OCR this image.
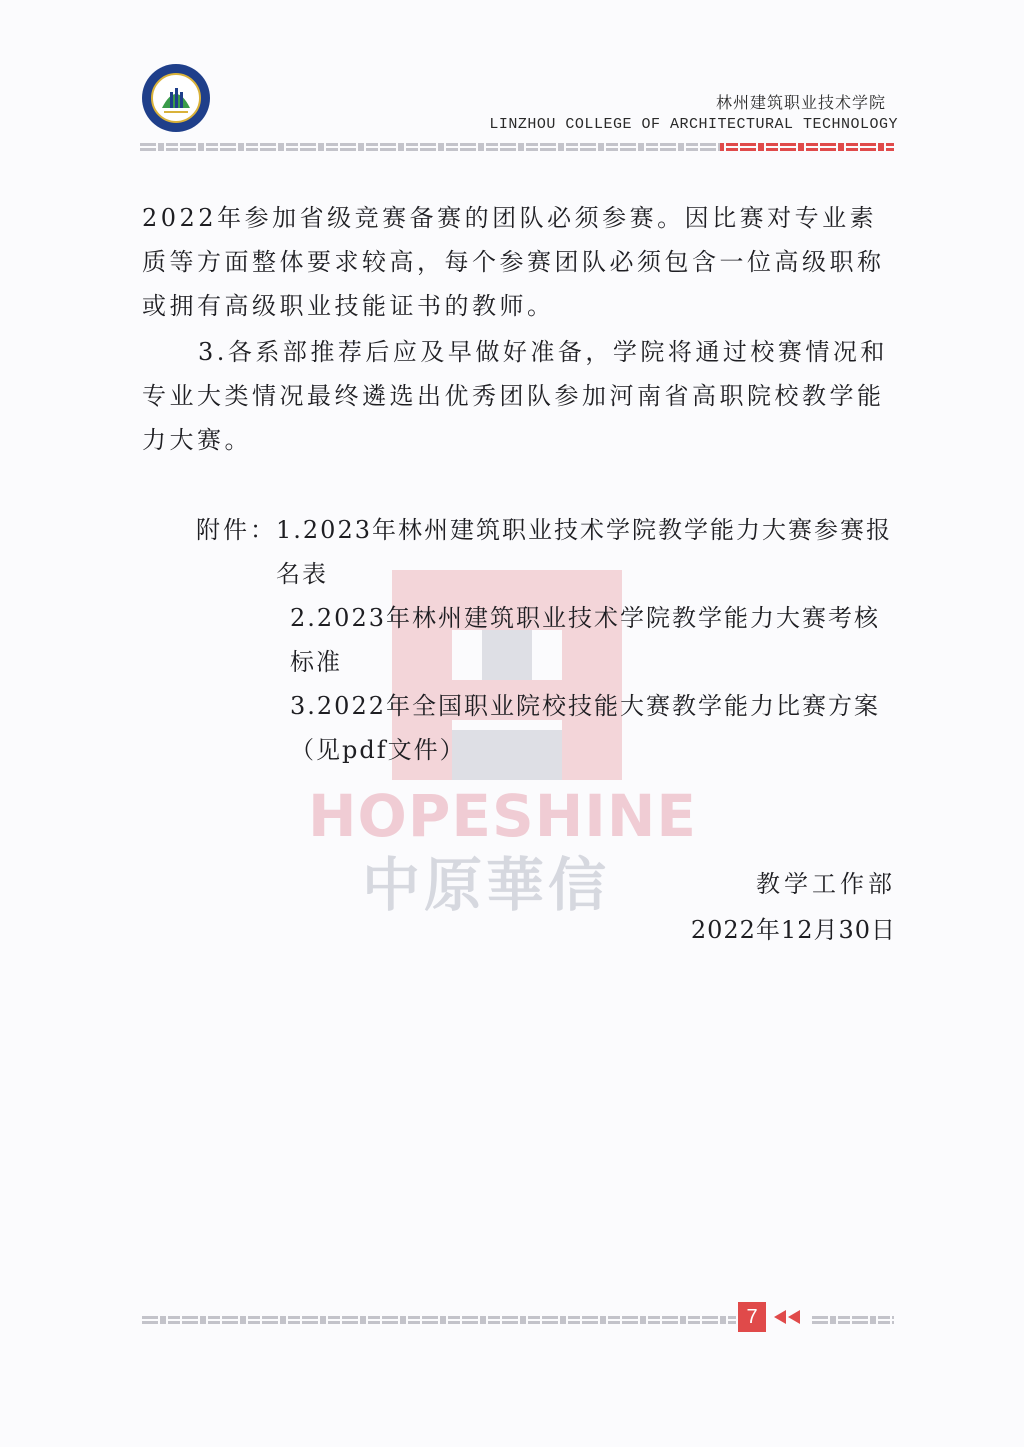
林州建筑职业技术学院
LINZHOU COLLEGE OF ARCHITECTURAL TECHNOLOGY
HOPESHINE
中原華信

2022年参加省级竞赛备赛的团队必须参赛。因比赛对专业素质等方面整体要求较高，每个参赛团队必须包含一位高级职称或拥有高级职业技能证书的教师。

3.各系部推荐后应及早做好准备，学院将通过校赛情况和专业大类情况最终遴选出优秀团队参加河南省高职院校教学能力大赛。

附件： 1.2023年林州建筑职业技术学院教学能力大赛参赛报名表
2.2023年林州建筑职业技术学院教学能力大赛考核标准
3.2022年全国职业院校技能大赛教学能力比赛方案（见pdf文件）
教学工作部
2022年12月30日
7
